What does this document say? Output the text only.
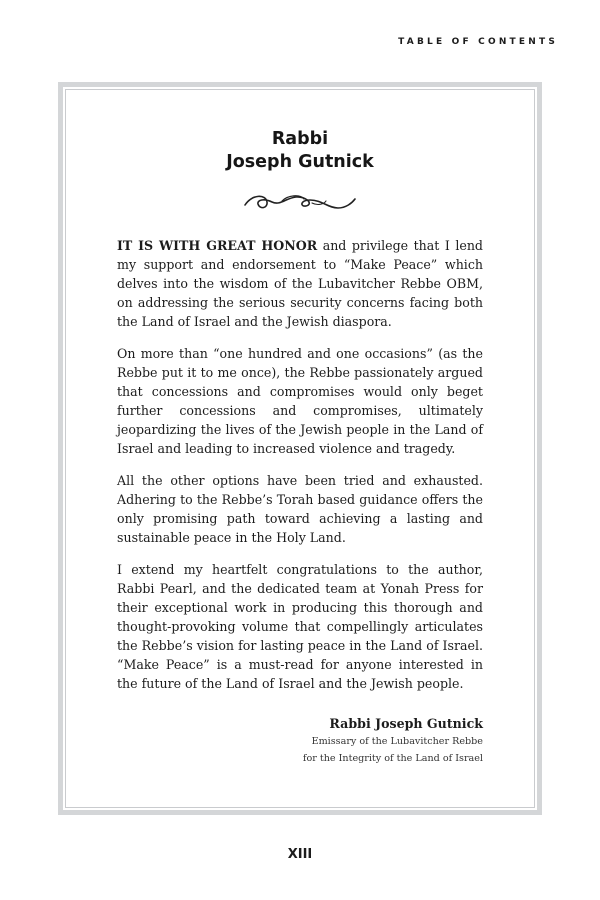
TABLE OF CONTENTS
Rabbi
Joseph Gutnick

IT IS WITH GREAT HONOR and privilege that I lend my support and endorsement to “Make Peace” which delves into the wisdom of the Lubavitcher Rebbe OBM, on addressing the serious security concerns facing both the Land of Israel and the Jewish diaspora.

On more than “one hundred and one occasions” (as the Rebbe put it to me once), the Rebbe passionately argued that concessions and compromises would only beget further concessions and compromises, ultimately jeopardizing the lives of the Jewish people in the Land of Israel and leading to increased violence and tragedy.

All the other options have been tried and exhausted. Adhering to the Rebbe’s Torah based guidance offers the only promising path toward achieving a lasting and sustainable peace in the Holy Land.

I extend my heartfelt congratulations to the author, Rabbi Pearl, and the dedicated team at Yonah Press for their exceptional work in producing this thorough and thought-provoking volume that compellingly articulates the Rebbe’s vision for lasting peace in the Land of Israel. “Make Peace” is a must-read for anyone interested in the future of the Land of Israel and the Jewish people.

Rabbi Joseph Gutnick
Emissary of the Lubavitcher Rebbe
for the Integrity of the Land of Israel
XIII
